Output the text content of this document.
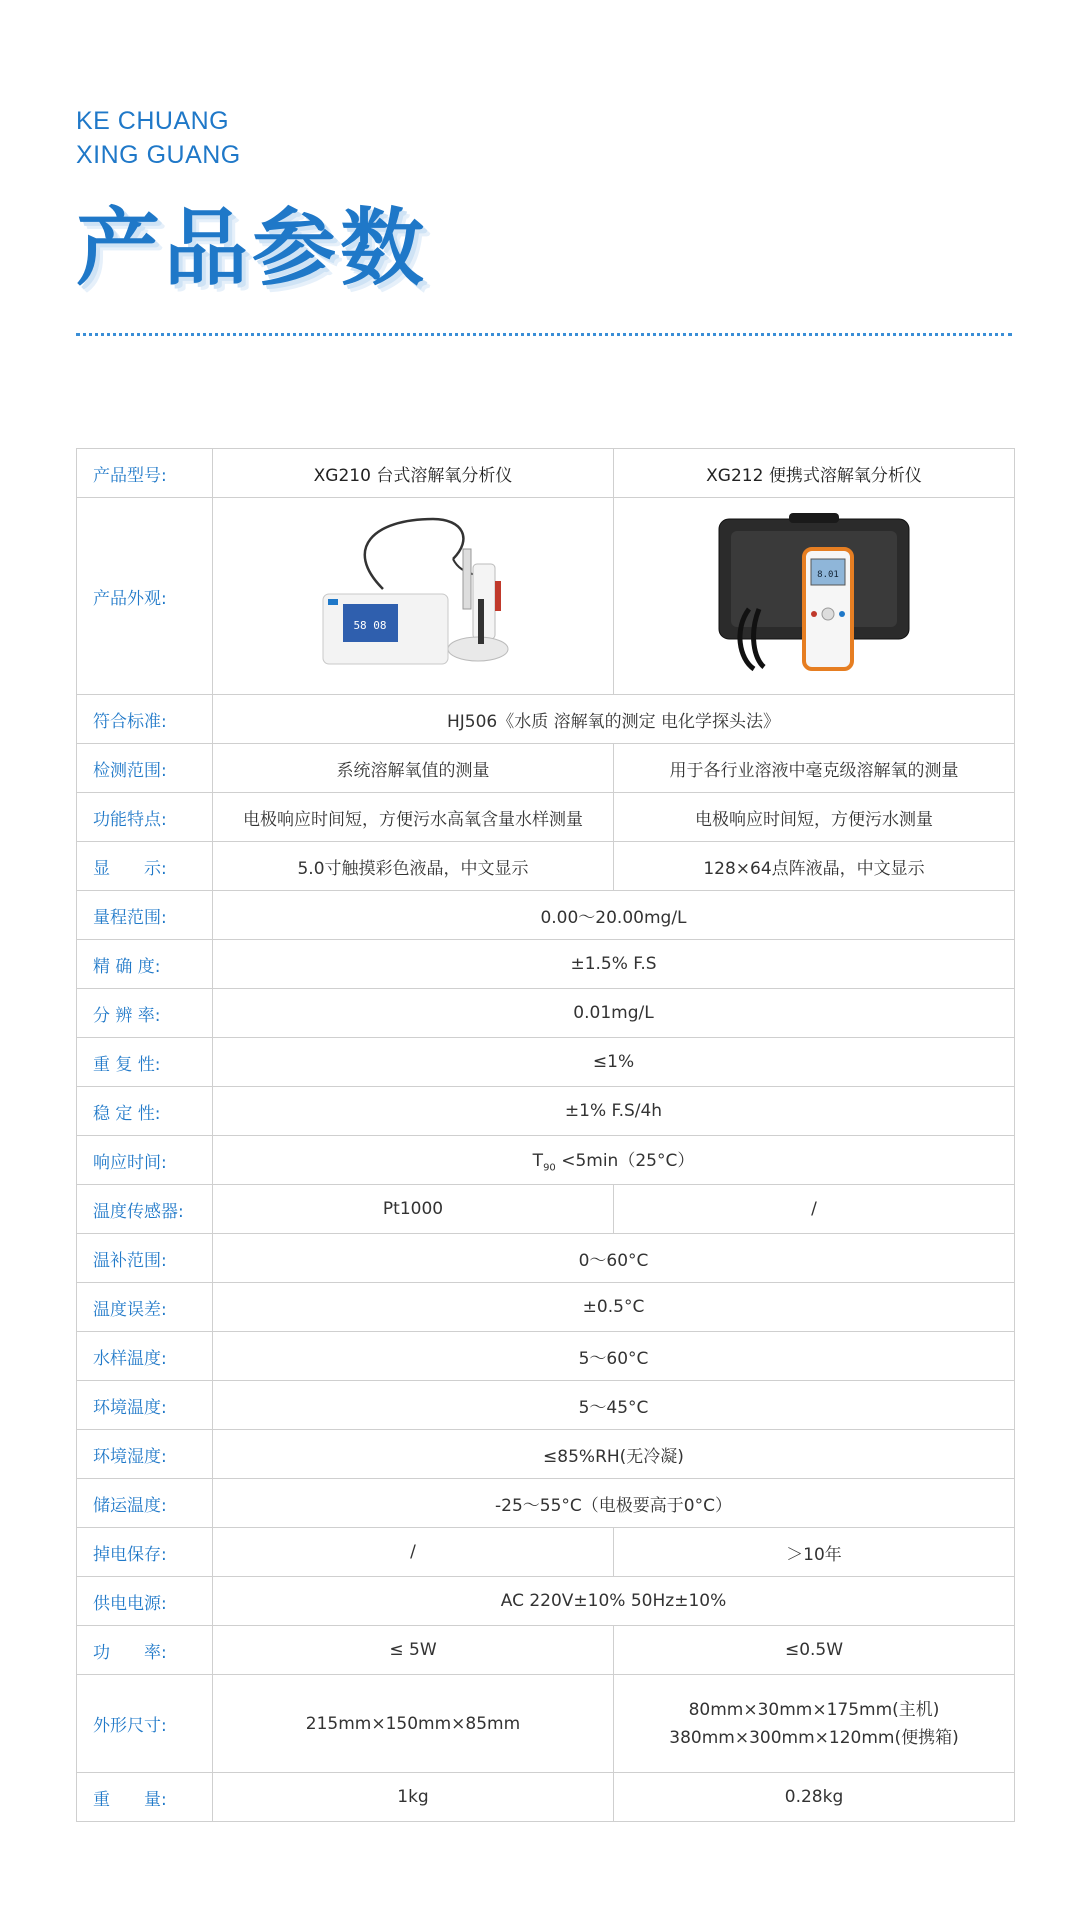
KE CHUANG
XING GUANG
产品参数
产品型号:	XG210 台式溶解氧分析仪	XG212 便携式溶解氧分析仪
产品外观:	58 08	8.01

符合标准:	HJ506《水质 溶解氧的测定 电化学探头法》	
检测范围:	系统溶解氧值的测量	用于各行业溶液中毫克级溶解氧的测量
功能特点:	电极响应时间短，方便污水高氧含量水样测量	电极响应时间短，方便污水测量
显　　示:	5.0寸触摸彩色液晶，中文显示	128×64点阵液晶，中文显示
量程范围:	0.00～20.00mg/L	
精 确 度:	±1.5% F.S	
分 辨 率:	0.01mg/L	
重 复 性:	≤1%	
稳 定 性:	±1% F.S/4h	
响应时间:	$T_{90} <5\min(25^\circ C)$	
温度传感器:	Pt1000	/
温补范围:	0～60°C	
温度误差:	±0.5°C	
水样温度:	5～60°C	
环境温度:	5～45°C	
环境湿度:	≤85%RH(无冷凝)	
储运温度:	-25～55°C（电极要高于0°C）	
掉电保存:	/	＞10年
供电电源:	AC 220V±10% 50Hz±10%	
功　　率:	≤ 5W	≤0.5W
外形尺寸:	215mm×150mm×85mm	80mm×30mm×175mm(主机)
380mm×300mm×120mm(便携箱)

重　　量:	1kg	0.28kg
